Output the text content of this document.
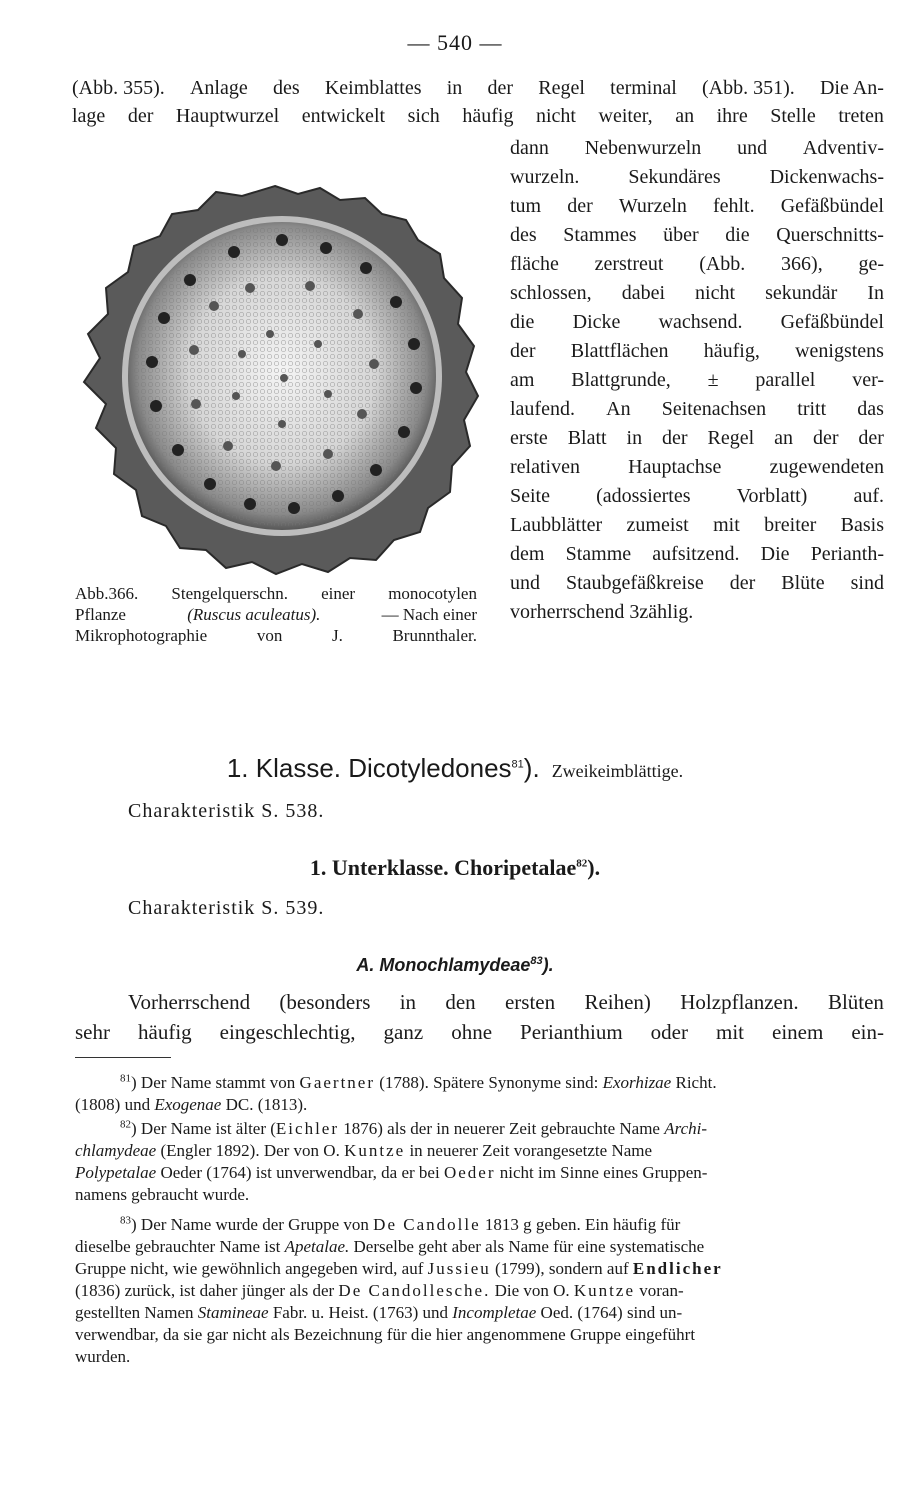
— 540 —
(Abb. 355). Anlage des Keimblattes in der Regel terminal (Abb. 351). Die An-
lage der Hauptwurzel entwickelt sich häufig nicht weiter, an ihre Stelle treten
dann Nebenwurzeln und Adventiv-
wurzeln. Sekundäres Dickenwachs-
tum der Wurzeln fehlt. Gefäßbündel
des Stammes über die Querschnitts-
fläche zerstreut (Abb. 366), ge-
schlossen, dabei nicht sekundär In
die Dicke wachsend. Gefäßbündel
der Blattflächen häufig, wenigstens
am Blattgrunde, ± parallel ver-
laufend. An Seitenachsen tritt das
erste Blatt in der Regel an der der
relativen Hauptachse zugewendeten
Seite (adossiertes Vorblatt) auf.
Laubblätter zumeist mit breiter Basis
dem Stamme aufsitzend. Die Perianth-
und Staubgefäßkreise der Blüte sind
vorherrschend 3zählig.
Abb.366. Stengelquerschn. einer monocotylen
Pflanze	(Ruscus aculeatus).	— Nach einer
Mikrophotographie	von	J.	Brunnthaler.
1. Klasse. Dicotyledones$^{81}$). Zweikeimblättige.
Charakteristik S. 538.
1. Unterklasse. Choripetalae$^{82}$).
Charakteristik S. 539.
A. Monochlamydeae$^{83}$).
Vorherrschend (besonders in den ersten Reihen) Holzpflanzen. Blüten
sehr häufig eingeschlechtig, ganz ohne Perianthium oder mit einem ein-
$^{81}$) Der Name stammt von Gaertner (1788). Spätere Synonyme sind: Exorhizae Richt.
(1808) und Exogenae DC. (1813).
$^{82}$) Der Name ist älter (Eichler 1876) als der in neuerer Zeit gebrauchte Name Archi-
chlamydeae (Engler 1892). Der von O. Kuntze in neuerer Zeit vorangesetzte Name
Polypetalae Oeder (1764) ist unverwendbar, da er bei Oeder nicht im Sinne eines Gruppen-
namens gebraucht wurde.
$^{83}$) Der Name wurde der Gruppe von De Candolle 1813 g geben. Ein häufig für
dieselbe gebrauchter Name ist Apetalae. Derselbe geht aber als Name für eine systematische
Gruppe nicht, wie gewöhnlich angegeben wird, auf Jussieu (1799), sondern auf Endlicher
(1836) zurück, ist daher jünger als der De Candollesche. Die von O. Kuntze voran-
gestellten Namen Stamineae Fabr. u. Heist. (1763) und Incompletae Oed. (1764) sind un-
verwendbar, da sie gar nicht als Bezeichnung für die hier angenommene Gruppe eingeführt
wurden.
